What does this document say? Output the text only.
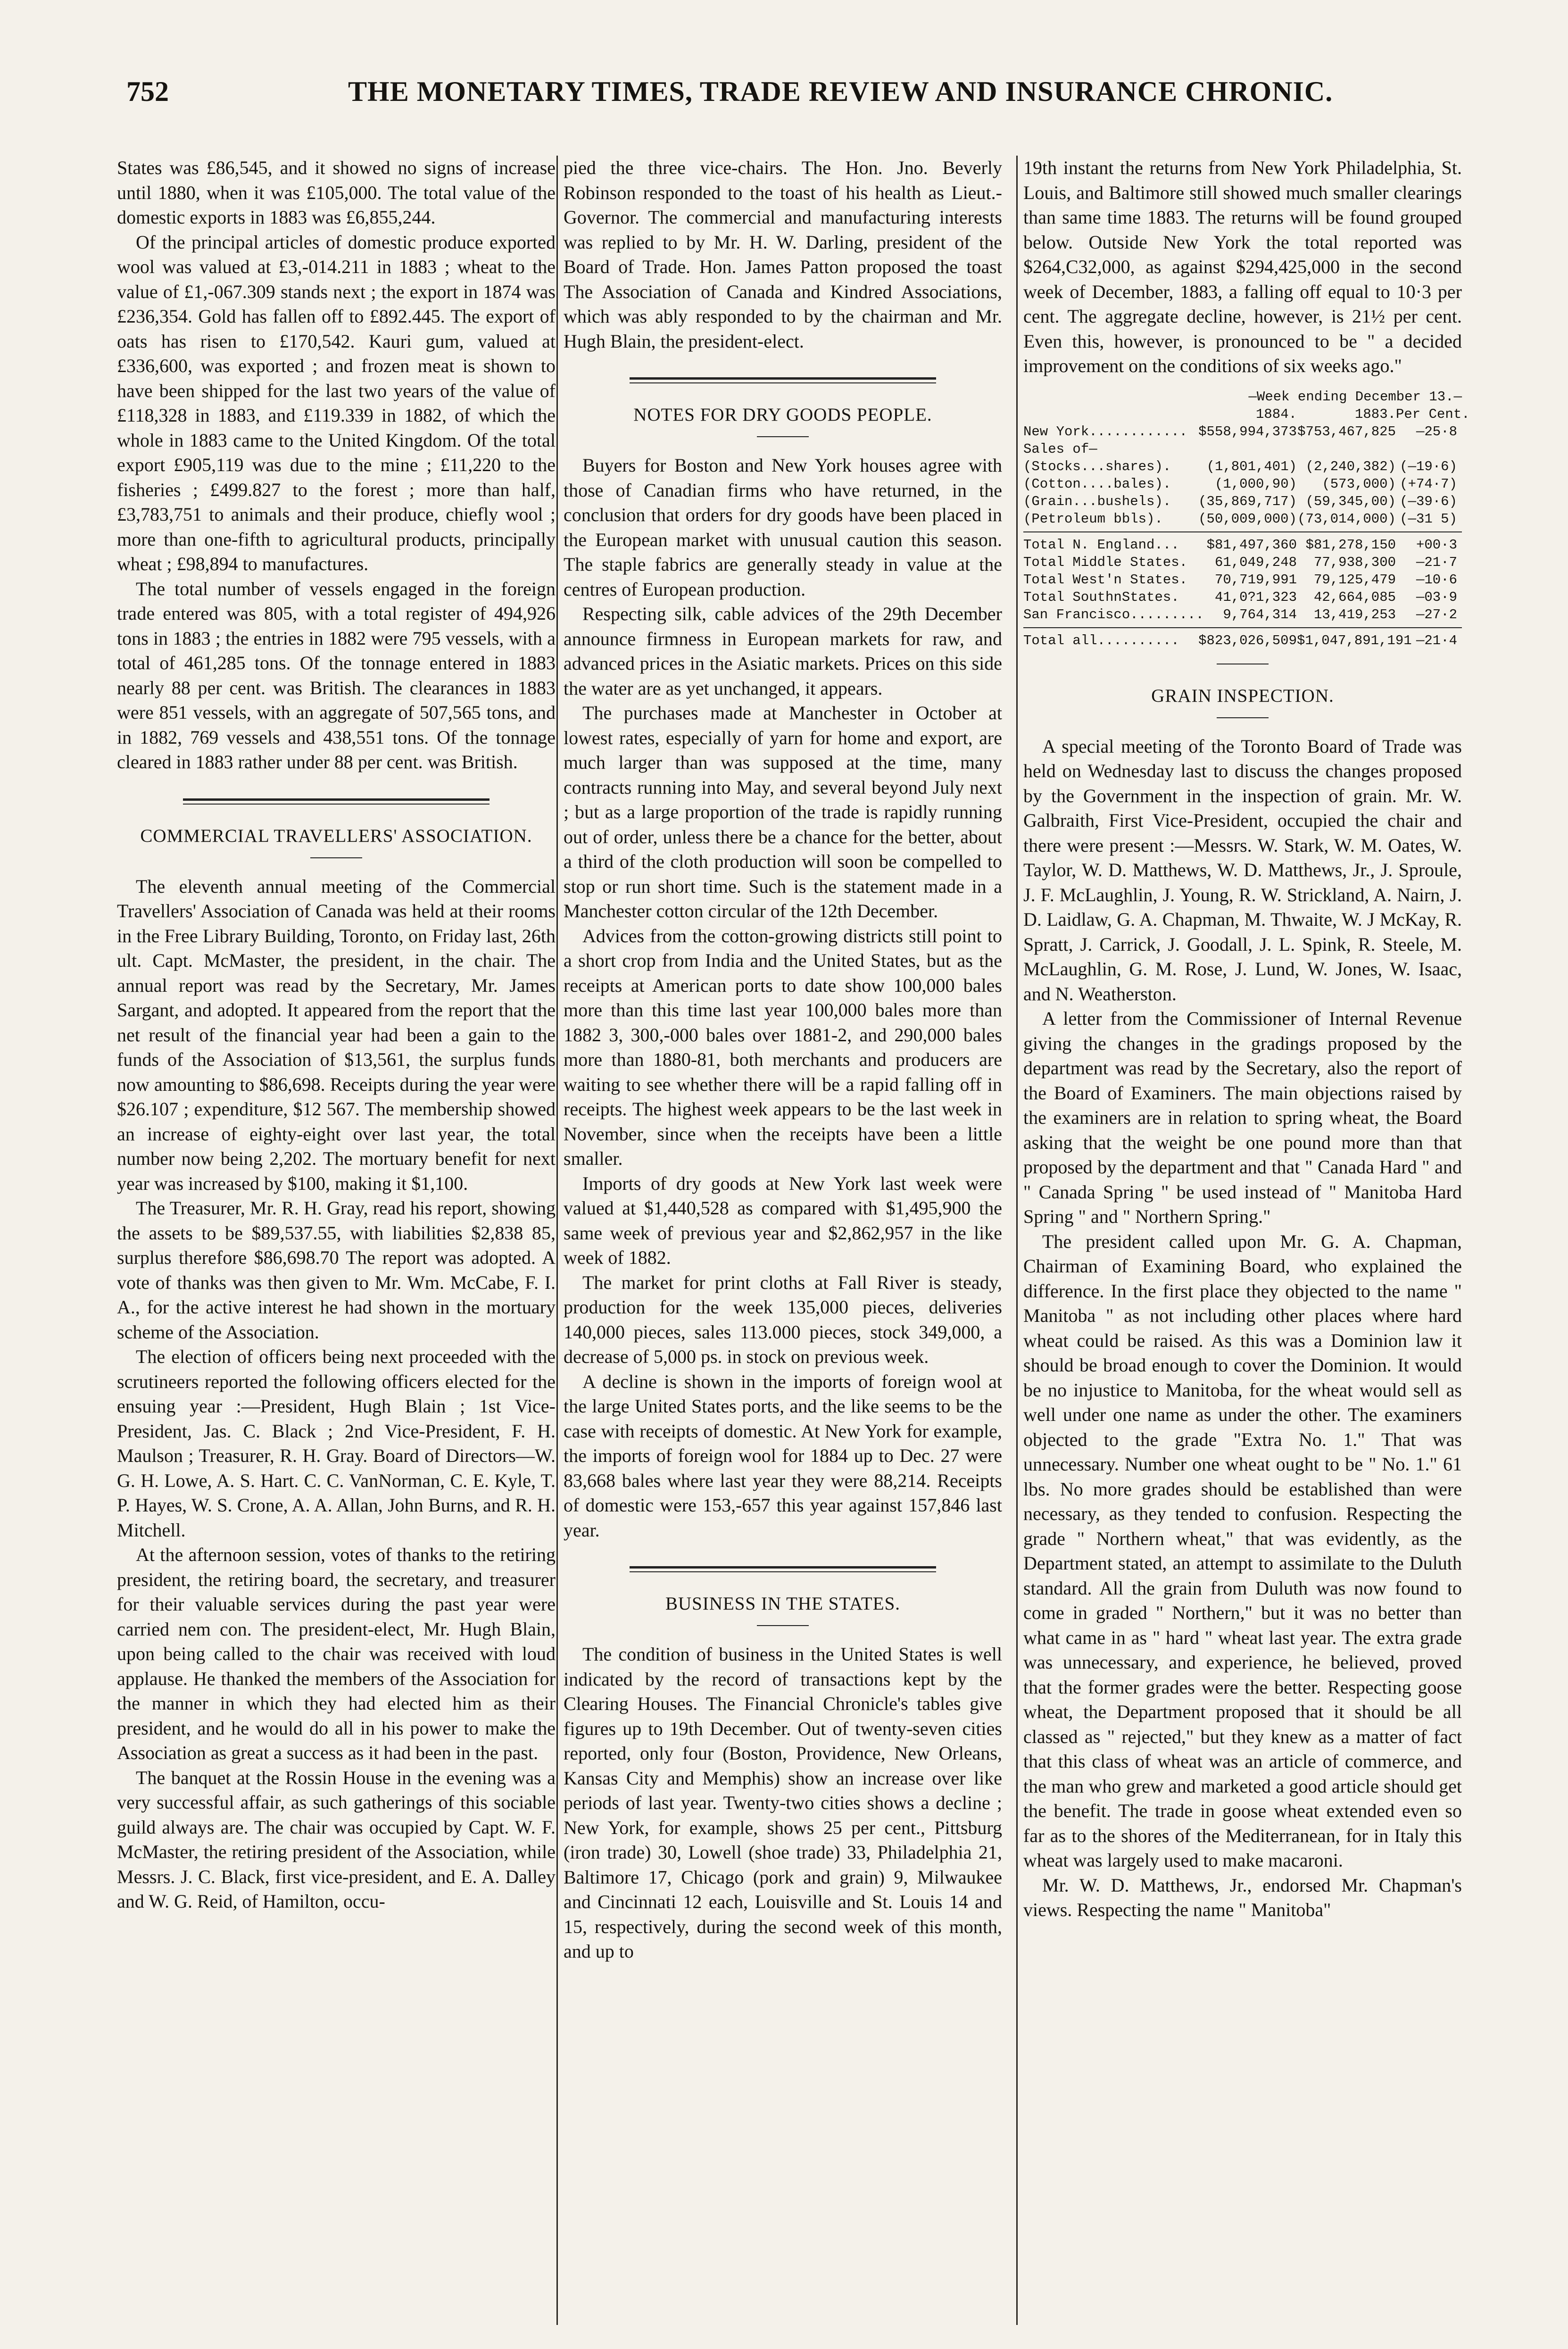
752	THE MONETARY TIMES, TRADE REVIEW AND INSURANCE CHRONIC.

States was £86,545, and it showed no signs of increase until 1880, when it was £105,000. The total value of the domestic exports in 1883 was £6,855,244.

Of the principal articles of domestic produce exported wool was valued at £3,-014.211 in 1883 ; wheat to the value of £1,-067.309 stands next ; the export in 1874 was £236,354. Gold has fallen off to £892.445. The export of oats has risen to £170,542. Kauri gum, valued at £336,600, was exported ; and frozen meat is shown to have been shipped for the last two years of the value of £118,328 in 1883, and £119.339 in 1882, of which the whole in 1883 came to the United Kingdom. Of the total export £905,119 was due to the mine ; £11,220 to the fisheries ; £499.827 to the forest ; more than half, £3,783,751 to animals and their produce, chiefly wool ; more than one-fifth to agricultural products, principally wheat ; £98,894 to manufactures.

The total number of vessels engaged in the foreign trade entered was 805, with a total register of 494,926 tons in 1883 ; the entries in 1882 were 795 vessels, with a total of 461,285 tons. Of the tonnage entered in 1883 nearly 88 per cent. was British. The clearances in 1883 were 851 vessels, with an aggregate of 507,565 tons, and in 1882, 769 vessels and 438,551 tons. Of the tonnage cleared in 1883 rather under 88 per cent. was British.

COMMERCIAL TRAVELLERS' ASSOCIATION.

The eleventh annual meeting of the Commercial Travellers' Association of Canada was held at their rooms in the Free Library Building, Toronto, on Friday last, 26th ult. Capt. McMaster, the president, in the chair. The annual report was read by the Secretary, Mr. James Sargant, and adopted. It appeared from the report that the net result of the financial year had been a gain to the funds of the Association of $13,561, the surplus funds now amounting to $86,698. Receipts during the year were $26.107 ; expenditure, $12 567. The membership showed an increase of eighty-eight over last year, the total number now being 2,202. The mortuary benefit for next year was increased by $100, making it $1,100.

The Treasurer, Mr. R. H. Gray, read his report, showing the assets to be $89,537.55, with liabilities $2,838 85, surplus therefore $86,698.70 The report was adopted. A vote of thanks was then given to Mr. Wm. McCabe, F. I. A., for the active interest he had shown in the mortuary scheme of the Association.

The election of officers being next proceeded with the scrutineers reported the following officers elected for the ensuing year :—President, Hugh Blain ; 1st Vice-President, Jas. C. Black ; 2nd Vice-President, F. H. Maulson ; Treasurer, R. H. Gray. Board of Directors—W. G. H. Lowe, A. S. Hart. C. C. VanNorman, C. E. Kyle, T. P. Hayes, W. S. Crone, A. A. Allan, John Burns, and R. H. Mitchell.

At the afternoon session, votes of thanks to the retiring president, the retiring board, the secretary, and treasurer for their valuable services during the past year were carried nem con. The president-elect, Mr. Hugh Blain, upon being called to the chair was received with loud applause. He thanked the members of the Association for the manner in which they had elected him as their president, and he would do all in his power to make the Association as great a success as it had been in the past.

The banquet at the Rossin House in the evening was a very successful affair, as such gatherings of this sociable guild always are. The chair was occupied by Capt. W. F. McMaster, the retiring president of the Association, while Messrs. J. C. Black, first vice-president, and E. A. Dalley and W. G. Reid, of Hamilton, occu-

pied the three vice-chairs. The Hon. Jno. Beverly Robinson responded to the toast of his health as Lieut.-Governor. The commercial and manufacturing interests was replied to by Mr. H. W. Darling, president of the Board of Trade. Hon. James Patton proposed the toast The Association of Canada and Kindred Associations, which was ably responded to by the chairman and Mr. Hugh Blain, the president-elect.

NOTES FOR DRY GOODS PEOPLE.

Buyers for Boston and New York houses agree with those of Canadian firms who have returned, in the conclusion that orders for dry goods have been placed in the European market with unusual caution this season. The staple fabrics are generally steady in value at the centres of European production.

Respecting silk, cable advices of the 29th December announce firmness in European markets for raw, and advanced prices in the Asiatic markets. Prices on this side the water are as yet unchanged, it appears.

The purchases made at Manchester in October at lowest rates, especially of yarn for home and export, are much larger than was supposed at the time, many contracts running into May, and several beyond July next ; but as a large proportion of the trade is rapidly running out of order, unless there be a chance for the better, about a third of the cloth production will soon be compelled to stop or run short time. Such is the statement made in a Manchester cotton circular of the 12th December.

Advices from the cotton-growing districts still point to a short crop from India and the United States, but as the receipts at American ports to date show 100,000 bales more than this time last year 100,000 bales more than 1882 3, 300,-000 bales over 1881-2, and 290,000 bales more than 1880-81, both merchants and producers are waiting to see whether there will be a rapid falling off in receipts. The highest week appears to be the last week in November, since when the receipts have been a little smaller.

Imports of dry goods at New York last week were valued at $1,440,528 as compared with $1,495,900 the same week of previous year and $2,862,957 in the like week of 1882.

The market for print cloths at Fall River is steady, production for the week 135,000 pieces, deliveries 140,000 pieces, sales 113.000 pieces, stock 349,000, a decrease of 5,000 ps. in stock on previous week.

A decline is shown in the imports of foreign wool at the large United States ports, and the like seems to be the case with receipts of domestic. At New York for example, the imports of foreign wool for 1884 up to Dec. 27 were 83,668 bales where last year they were 88,214. Receipts of domestic were 153,-657 this year against 157,846 last year.

BUSINESS IN THE STATES.

The condition of business in the United States is well indicated by the record of transactions kept by the Clearing Houses. The Financial Chronicle's tables give figures up to 19th December. Out of twenty-seven cities reported, only four (Boston, Providence, New Orleans, Kansas City and Memphis) show an increase over like periods of last year. Twenty-two cities shows a decline ; New York, for example, shows 25 per cent., Pittsburg (iron trade) 30, Lowell (shoe trade) 33, Philadelphia 21, Baltimore 17, Chicago (pork and grain) 9, Milwaukee and Cincinnati 12 each, Louisville and St. Louis 14 and 15, respectively, during the second week of this month, and up to

19th instant the returns from New York Philadelphia, St. Louis, and Baltimore still showed much smaller clearings than same time 1883. The returns will be found grouped below. Outside New York the total reported was $264,C32,000, as against $294,425,000 in the second week of December, 1883, a falling off equal to 10·3 per cent. The aggregate decline, however, is 21½ per cent. Even this, however, is pronounced to be " a decided improvement on the conditions of six weeks ago."

—Week ending December 13.—
1884.	1883. Per Cent.
New York............ $558,994,373 $753,467,825	—25·8
Sales of—
(Stocks...shares).	(1,801,401) (2,240,382) (—19·6)
(Cotton....bales).	(1,000,90)	(573,000) (+74·7)
(Grain...bushels).	(35,869,717) (59,345,00) (—39·6)
(Petroleum bbls).	(50,009,000) (73,014,000) (—31 5)
Total N. England...	$81,497,360 $81,278,150	+00·3
Total Middle States.	61,049,248	77,938,300	—21·7
Total West'n States.	70,719,991	79,125,479	—10·6
Total SouthnStates.	41,0?1,323	42,664,085	—03·9
San Francisco.........	9,764,314	13,419,253	—27·2
Total all..........	$823,026,509 $1,047,891,191 —21·4
GRAIN INSPECTION.

A special meeting of the Toronto Board of Trade was held on Wednesday last to discuss the changes proposed by the Government in the inspection of grain. Mr. W. Galbraith, First Vice-President, occupied the chair and there were present :—Messrs. W. Stark, W. M. Oates, W. Taylor, W. D. Matthews, W. D. Matthews, Jr., J. Sproule, J. F. McLaughlin, J. Young, R. W. Strickland, A. Nairn, J. D. Laidlaw, G. A. Chapman, M. Thwaite, W. J McKay, R. Spratt, J. Carrick, J. Goodall, J. L. Spink, R. Steele, M. McLaughlin, G. M. Rose, J. Lund, W. Jones, W. Isaac, and N. Weatherston.

A letter from the Commissioner of Internal Revenue giving the changes in the gradings proposed by the department was read by the Secretary, also the report of the Board of Examiners. The main objections raised by the examiners are in relation to spring wheat, the Board asking that the weight be one pound more than that proposed by the department and that " Canada Hard " and " Canada Spring " be used instead of " Manitoba Hard Spring " and " Northern Spring."

The president called upon Mr. G. A. Chapman, Chairman of Examining Board, who explained the difference. In the first place they objected to the name " Manitoba " as not including other places where hard wheat could be raised. As this was a Dominion law it should be broad enough to cover the Dominion. It would be no injustice to Manitoba, for the wheat would sell as well under one name as under the other. The examiners objected to the grade "Extra No. 1." That was unnecessary. Number one wheat ought to be " No. 1." 61 lbs. No more grades should be established than were necessary, as they tended to confusion. Respecting the grade " Northern wheat," that was evidently, as the Department stated, an attempt to assimilate to the Duluth standard. All the grain from Duluth was now found to come in graded " Northern," but it was no better than what came in as " hard " wheat last year. The extra grade was unnecessary, and experience, he believed, proved that the former grades were the better. Respecting goose wheat, the Department proposed that it should be all classed as " rejected," but they knew as a matter of fact that this class of wheat was an article of commerce, and the man who grew and marketed a good article should get the benefit. The trade in goose wheat extended even so far as to the shores of the Mediterranean, for in Italy this wheat was largely used to make macaroni.

Mr. W. D. Matthews, Jr., endorsed Mr. Chapman's views. Respecting the name " Manitoba"
